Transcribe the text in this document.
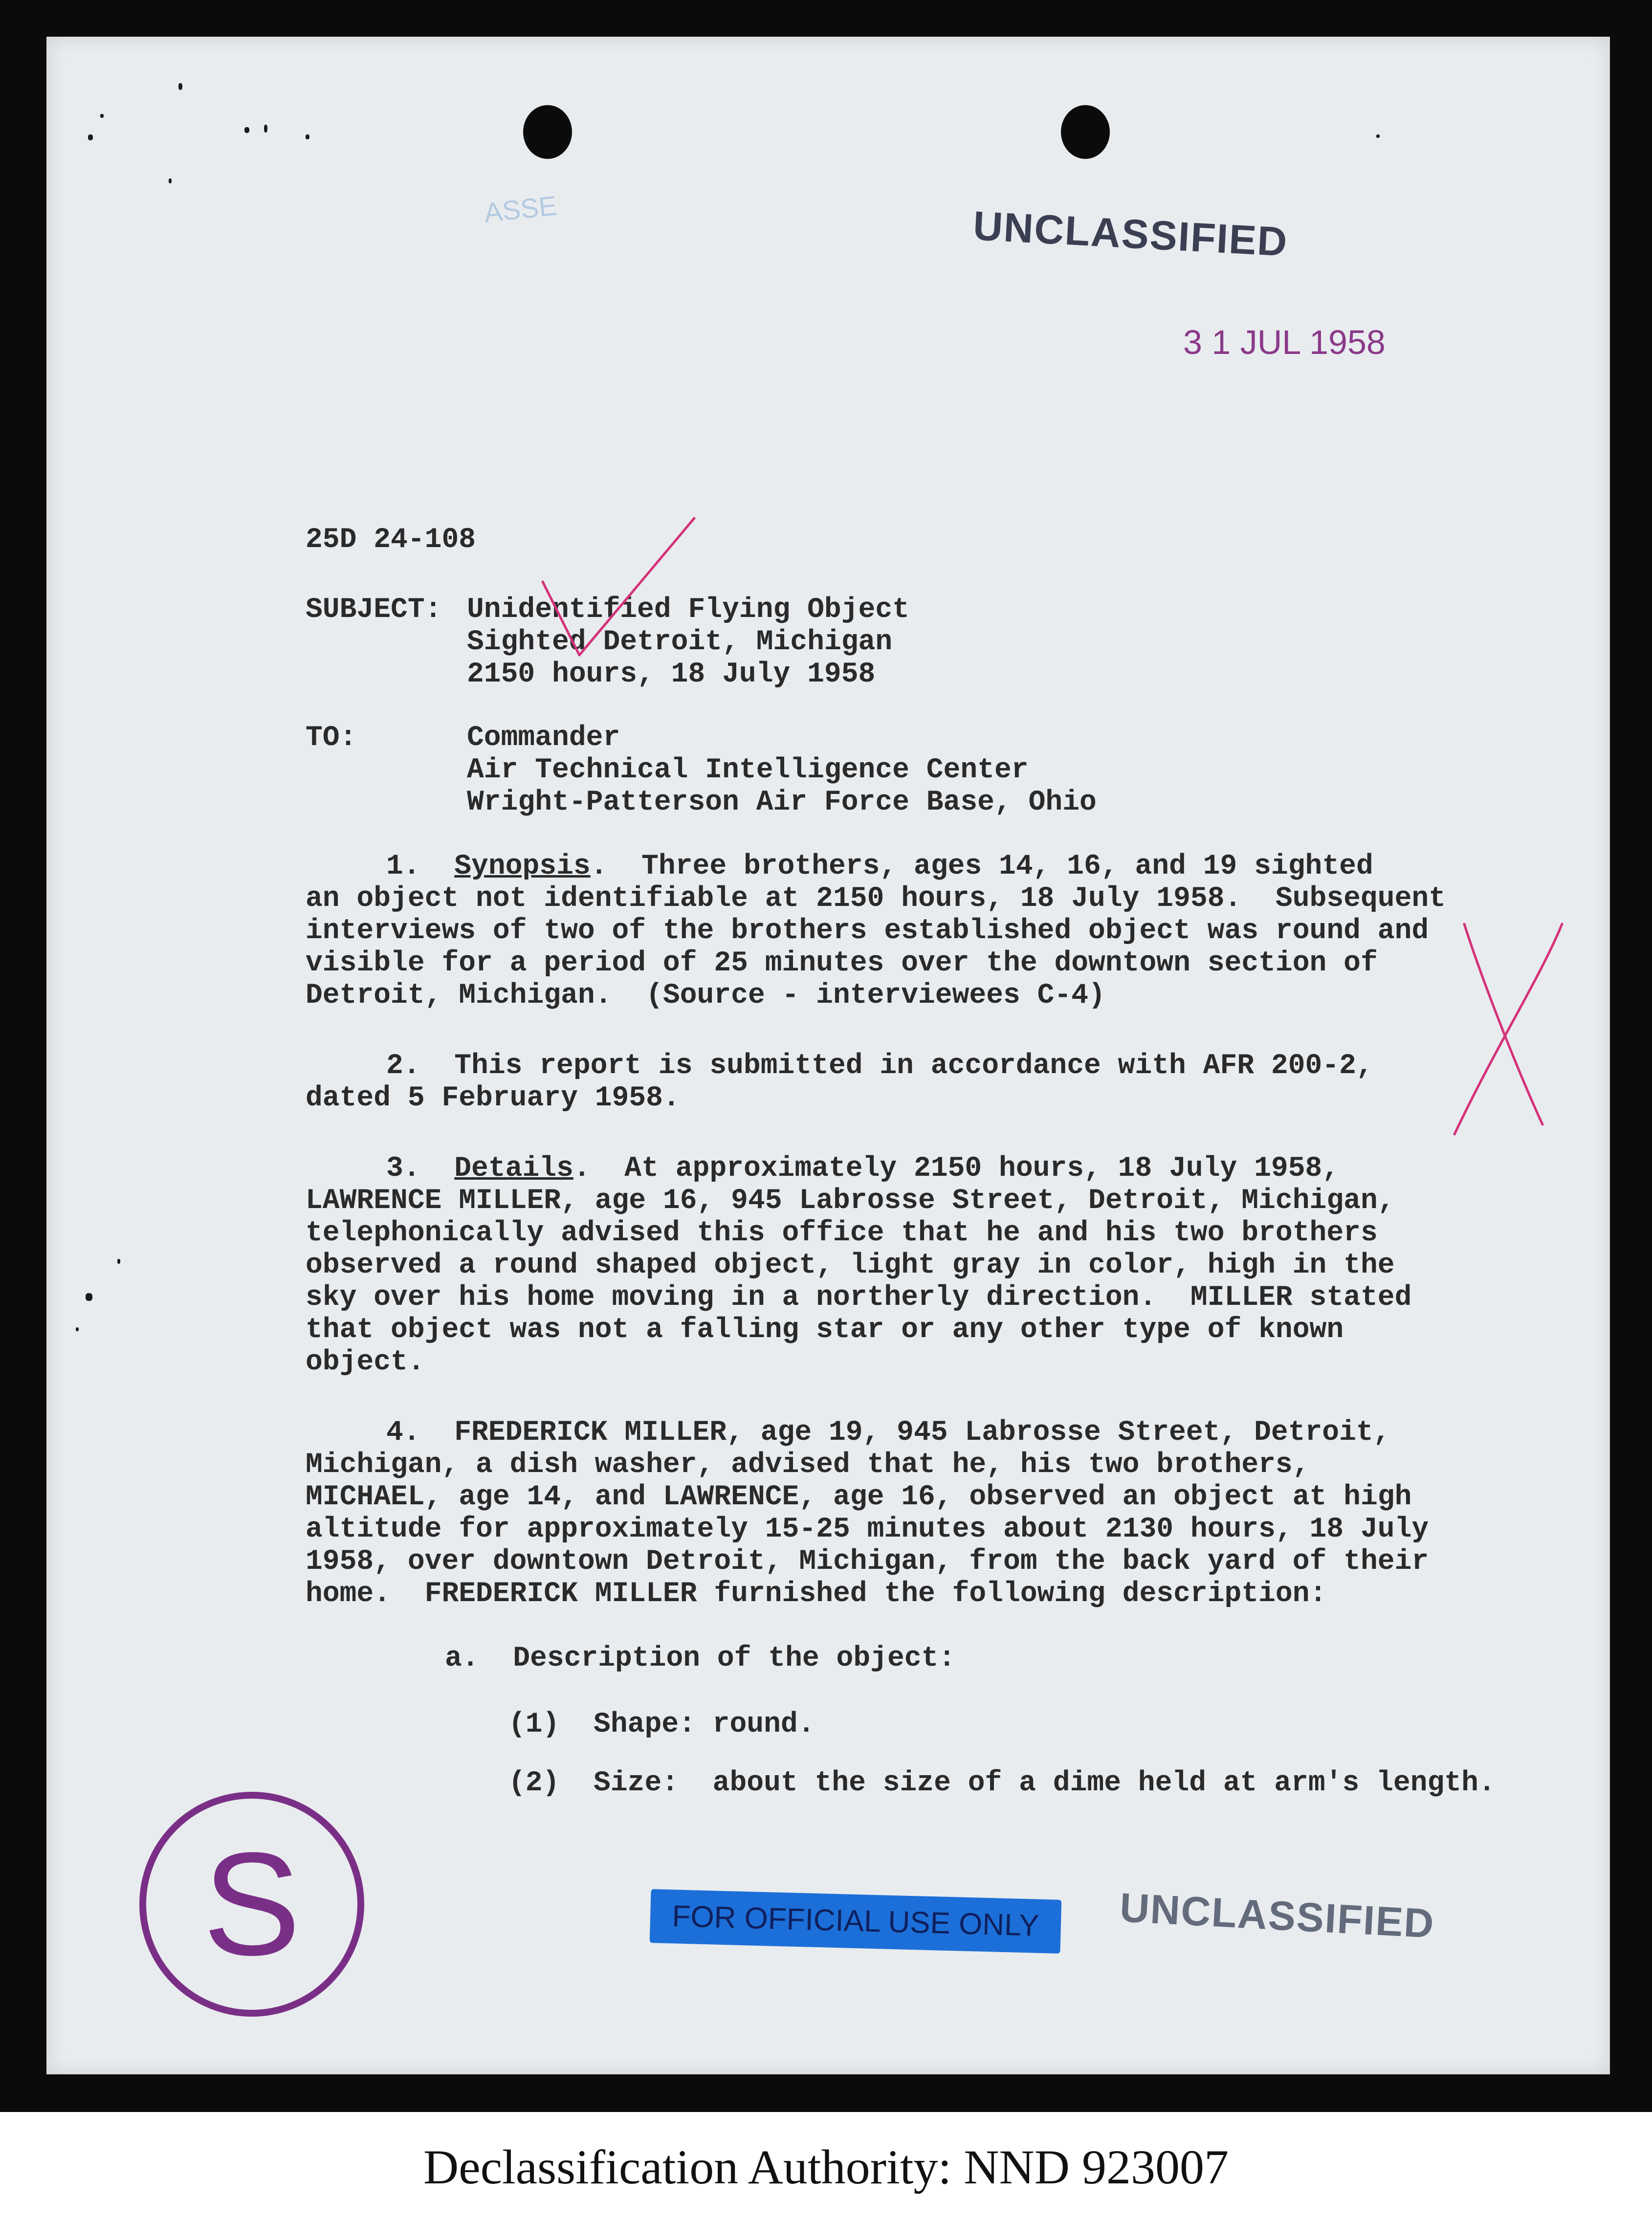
ASSE	UNCLASSIFIED
3 1 JUL 1958
25D 24-108
SUBJECT: Unidentified Flying Object
Sighted Detroit, Michigan
2150 hours, 18 July 1958
TO:	Commander
Air Technical Intelligence Center
Wright-Patterson Air Force Base, Ohio
1. Synopsis.  Three brothers, ages 14, 16, and 19 sighted
an object not identifiable at 2150 hours, 18 July 1958.  Subsequent
interviews of two of the brothers established object was round and
visible for a period of 25 minutes over the downtown section of
Detroit, Michigan.  (Source - interviewees C-4)
2.  This report is submitted in accordance with AFR 200-2,
dated 5 February 1958.
3. Details.  At approximately 2150 hours, 18 July 1958,
LAWRENCE MILLER, age 16, 945 Labrosse Street, Detroit, Michigan,
telephonically advised this office that he and his two brothers
observed a round shaped object, light gray in color, high in the
sky over his home moving in a northerly direction.  MILLER stated
that object was not a falling star or any other type of known
object.
4.  FREDERICK MILLER, age 19, 945 Labrosse Street, Detroit,
Michigan, a dish washer, advised that he, his two brothers,
MICHAEL, age 14, and LAWRENCE, age 16, observed an object at high
altitude for approximately 15-25 minutes about 2130 hours, 18 July
1958, over downtown Detroit, Michigan, from the back yard of their
home.  FREDERICK MILLER furnished the following description:
a.  Description of the object:
(1)  Shape: round.
(2)  Size:  about the size of a dime held at arm's length.
S	FOR OFFICIAL USE ONLY	UNCLASSIFIED
Declassification Authority: NND 923007
